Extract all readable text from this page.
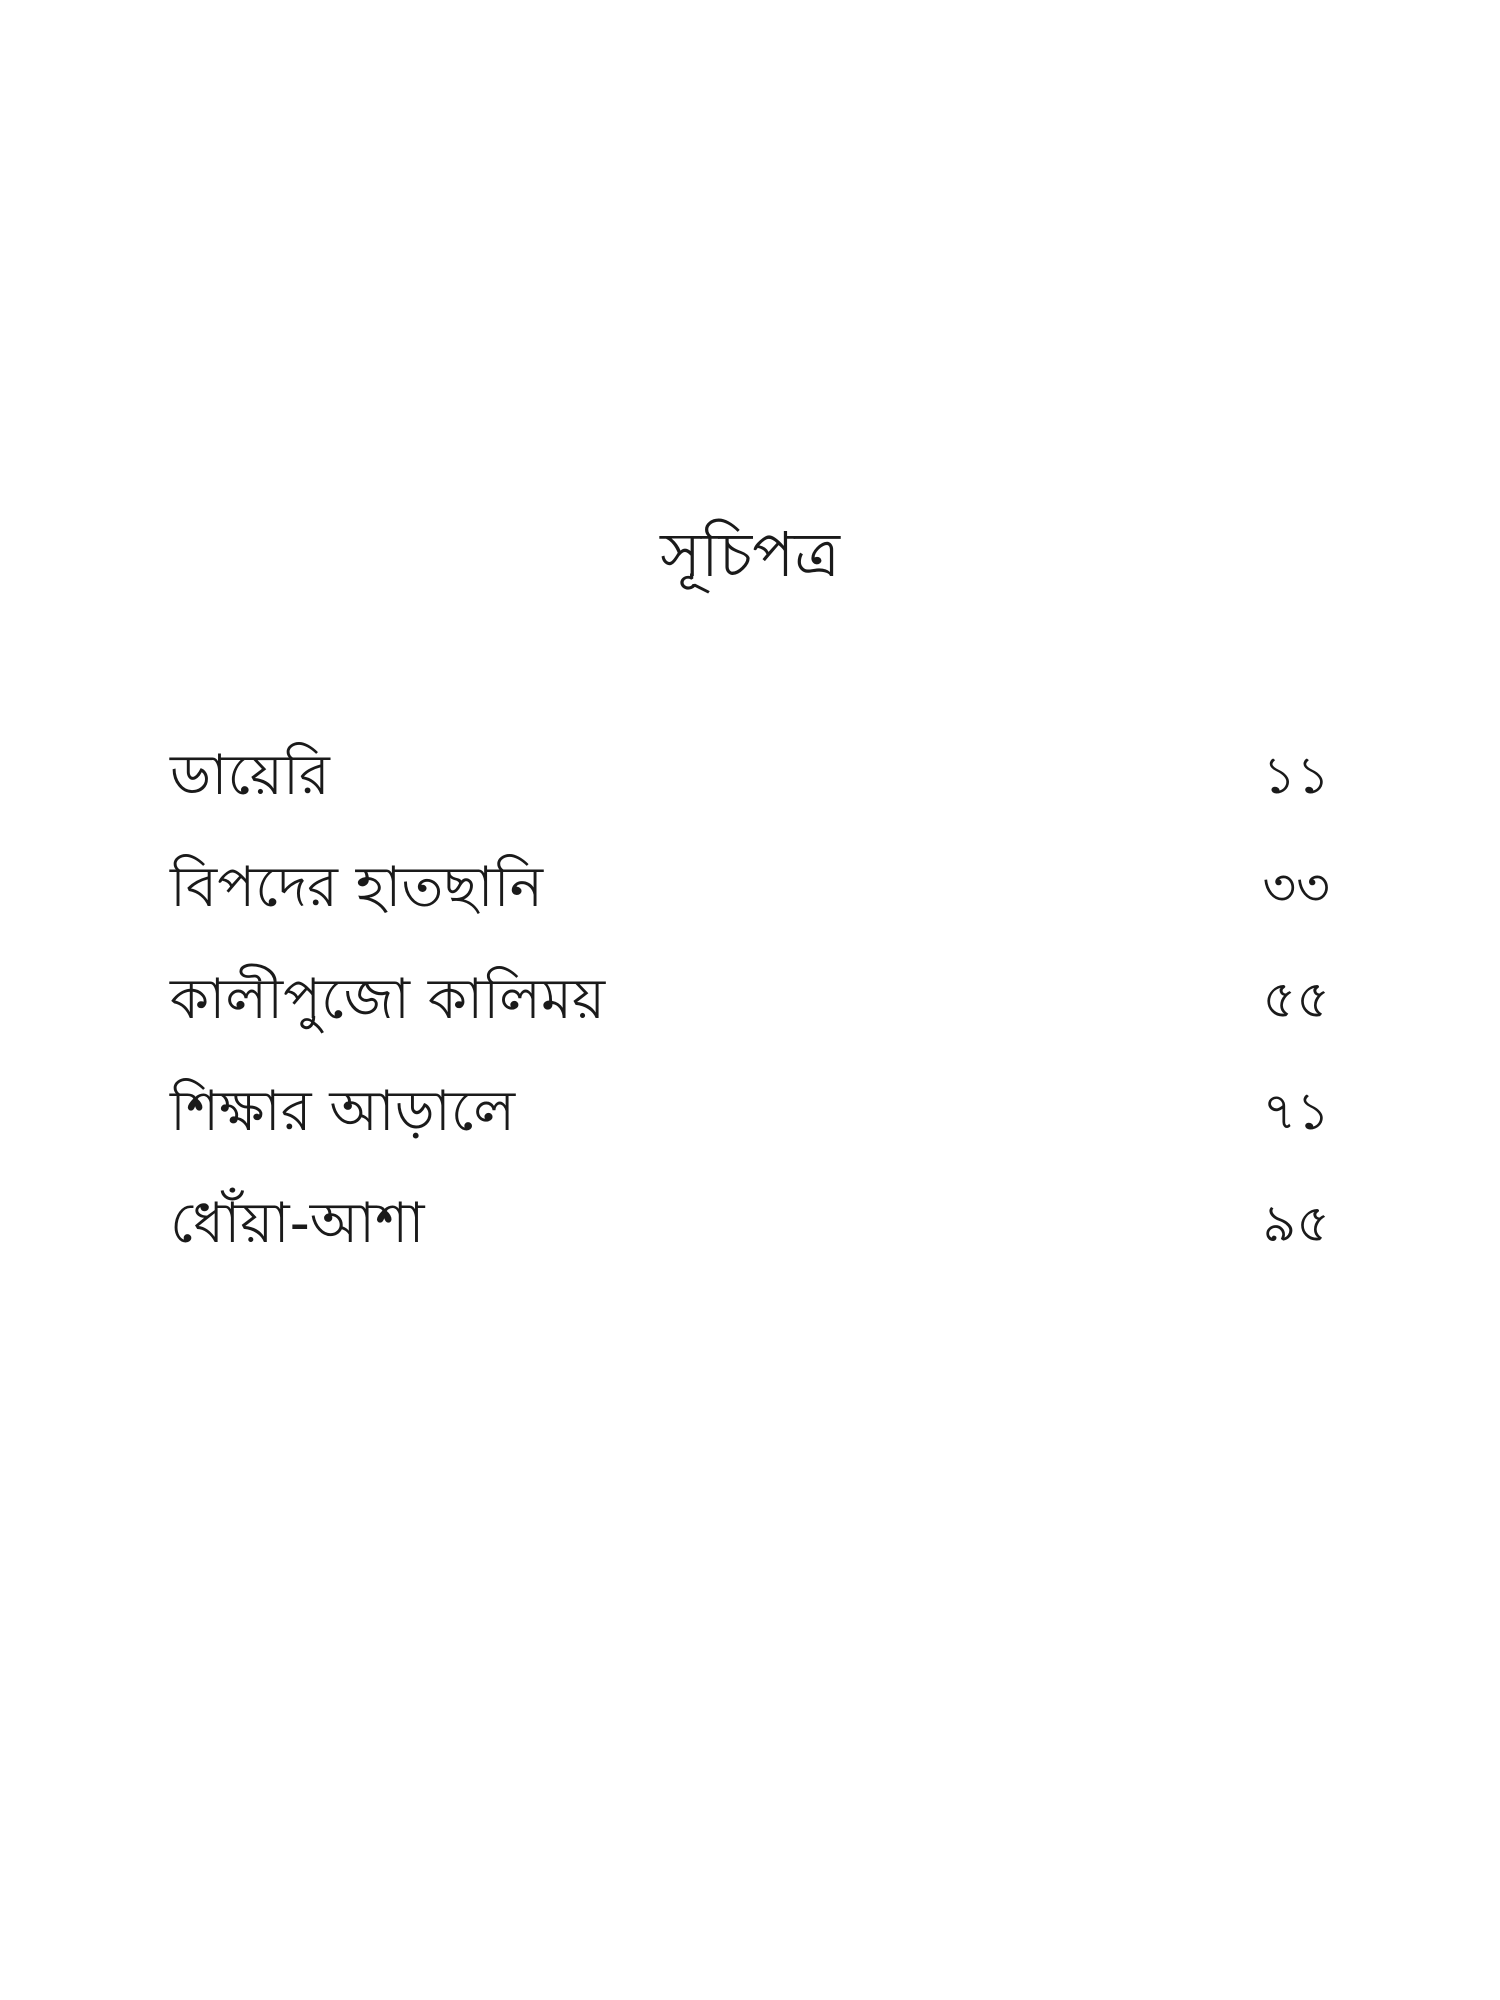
সূচিপত্র
ডায়েরি	১১
বিপদের হাতছানি	৩৩
কালীপুজো কালিময়	৫৫
শিক্ষার আড়ালে	৭১
ধোঁয়া-আশা	৯৫
